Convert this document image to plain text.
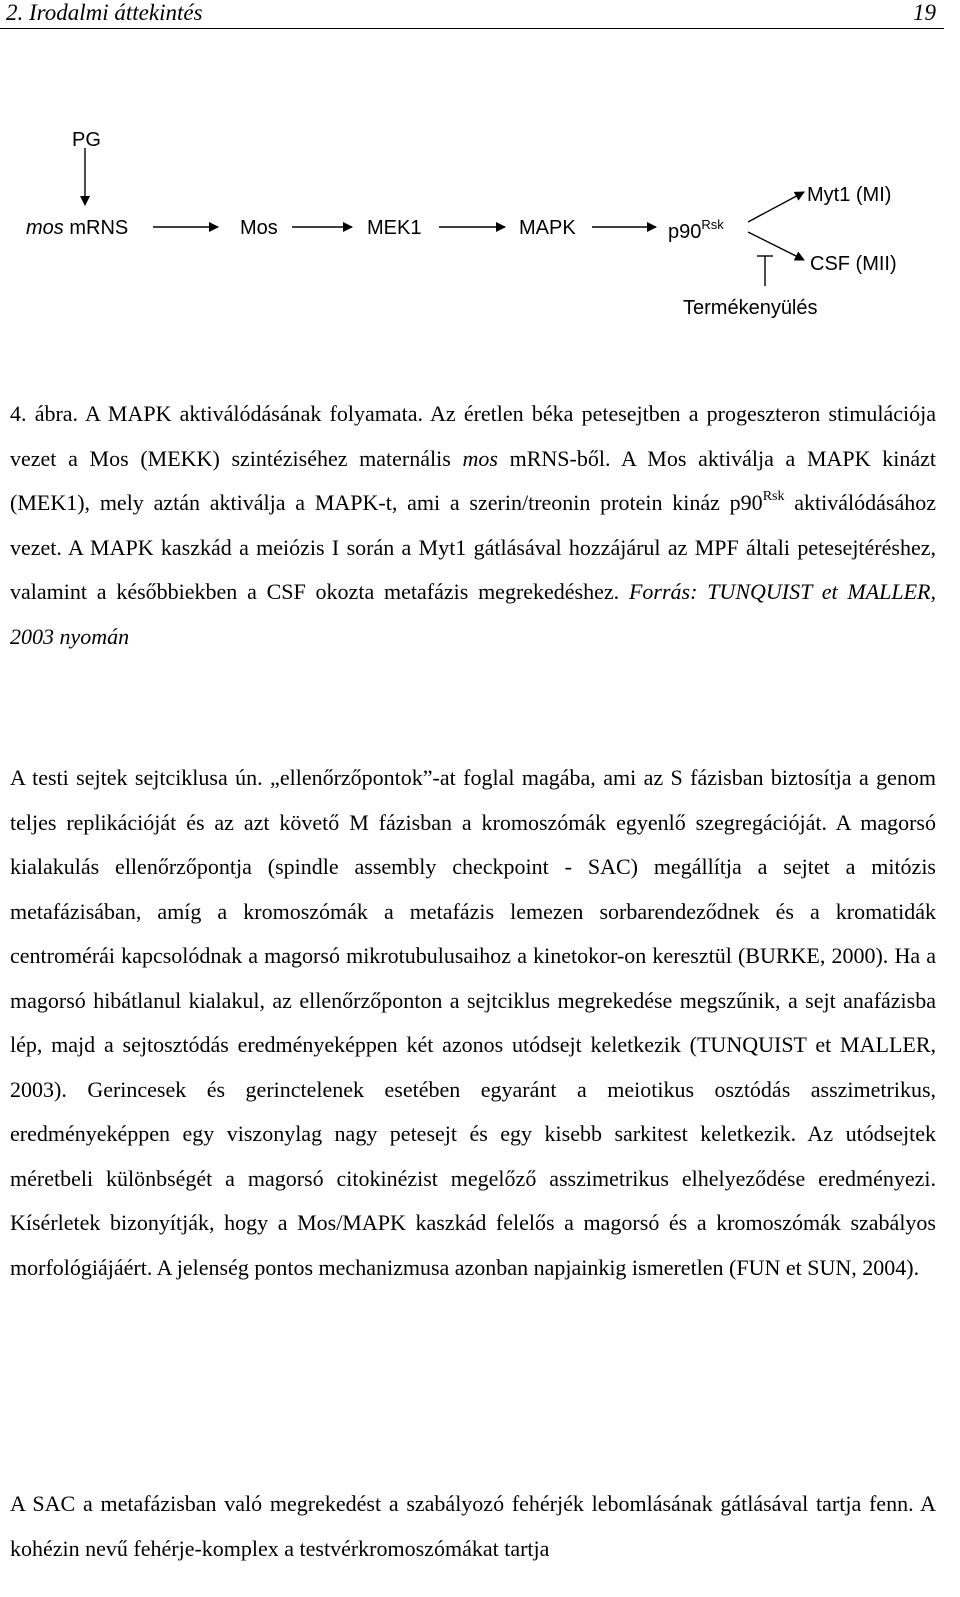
2. Irodalmi áttekintés	19
PG
mos mRNS	Mos	MEK1	MAPK	$p90^{Rsk}$
Myt1 (MI)
CSF (MII)
Termékenyülés

4. ábra. A MAPK aktiválódásának folyamata. Az éretlen béka petesejtben a progeszteron stimulációja vezet a Mos (MEKK) szintéziséhez maternális mos mRNS-ből. A Mos aktiválja a MAPK kinázt (MEK1), mely aztán aktiválja a MAPK-t, ami a szerin/treonin protein kináz $p90^{Rsk}$ aktiválódásához vezet. A MAPK kaszkád a meiózis I során a Myt1 gátlásával hozzájárul az MPF általi petesejtéréshez, valamint a későbbiekben a CSF okozta metafázis megrekedéshez. Forrás: TUNQUIST et MALLER, 2003 nyomán

A testi sejtek sejtciklusa ún. „ellenőrzőpontok”-at foglal magába, ami az S fázisban biztosítja a genom teljes replikációját és az azt követő M fázisban a kromoszómák egyenlő szegregációját. A magorsó kialakulás ellenőrzőpontja (spindle assembly checkpoint - SAC) megállítja a sejtet a mitózis metafázisában, amíg a kromoszómák a metafázis lemezen sorbarendeződnek és a kromatidák centromérái kapcsolódnak a magorsó mikrotubulusaihoz a kinetokor-on keresztül (BURKE, 2000). Ha a magorsó hibátlanul kialakul, az ellenőrzőponton a sejtciklus megrekedése megszűnik, a sejt anafázisba lép, majd a sejtosztódás eredményeképpen két azonos utódsejt keletkezik (TUNQUIST et MALLER, 2003). Gerincesek és gerinctelenek esetében egyaránt a meiotikus osztódás asszimetrikus, eredményeképpen egy viszonylag nagy petesejt és egy kisebb sarkitest keletkezik. Az utódsejtek méretbeli különbségét a magorsó citokinézist megelőző asszimetrikus elhelyeződése eredményezi. Kísérletek bizonyítják, hogy a Mos/MAPK kaszkád felelős a magorsó és a kromoszómák szabályos morfológiájáért. A jelenség pontos mechanizmusa azonban napjainkig ismeretlen (FUN et SUN, 2004).

A SAC a metafázisban való megrekedést a szabályozó fehérjék lebomlásának gátlásával tartja fenn. A kohézin nevű fehérje-komplex a testvérkromoszómákat tartja
